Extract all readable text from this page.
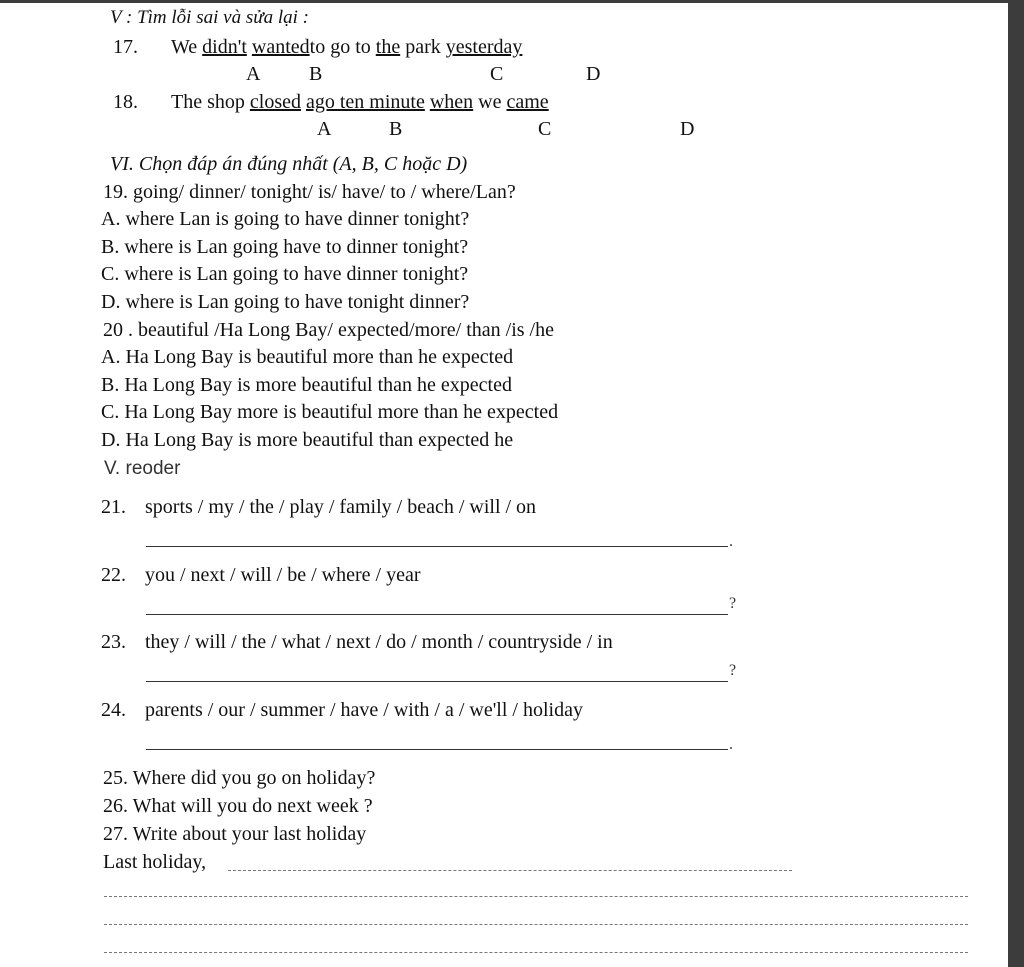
V : Tìm lỗi sai và sửa lại :
17. We didn't wantedto go to the park yesterday
A B	C	D
18. The shop closed ago ten minute when we came
A	B	C	D
VI. Chọn đáp án đúng nhất (A, B, C hoặc D)
19. going/ dinner/ tonight/ is/ have/ to / where/Lan?
A. where Lan is going to have dinner tonight?
B. where is Lan going have to dinner tonight?
C. where is Lan going to have dinner tonight?
D. where is Lan going to have tonight dinner?
20 . beautiful /Ha Long Bay/ expected/more/ than /is /he
A. Ha Long Bay is beautiful more than he expected
B. Ha Long Bay is more beautiful than he expected
C. Ha Long Bay more is beautiful more than he expected
D. Ha Long Bay is more beautiful than expected he
V. reoder
21. sports / my / the / play / family / beach / will / on
.
22. you / next / will / be / where / year
?
23. they / will / the / what / next / do / month / countryside / in
?
24. parents / our / summer / have / with / a / we'll / holiday
.
25. Where did you go on holiday?
26. What will you do next week ?
27. Write about your last holiday
Last holiday,
